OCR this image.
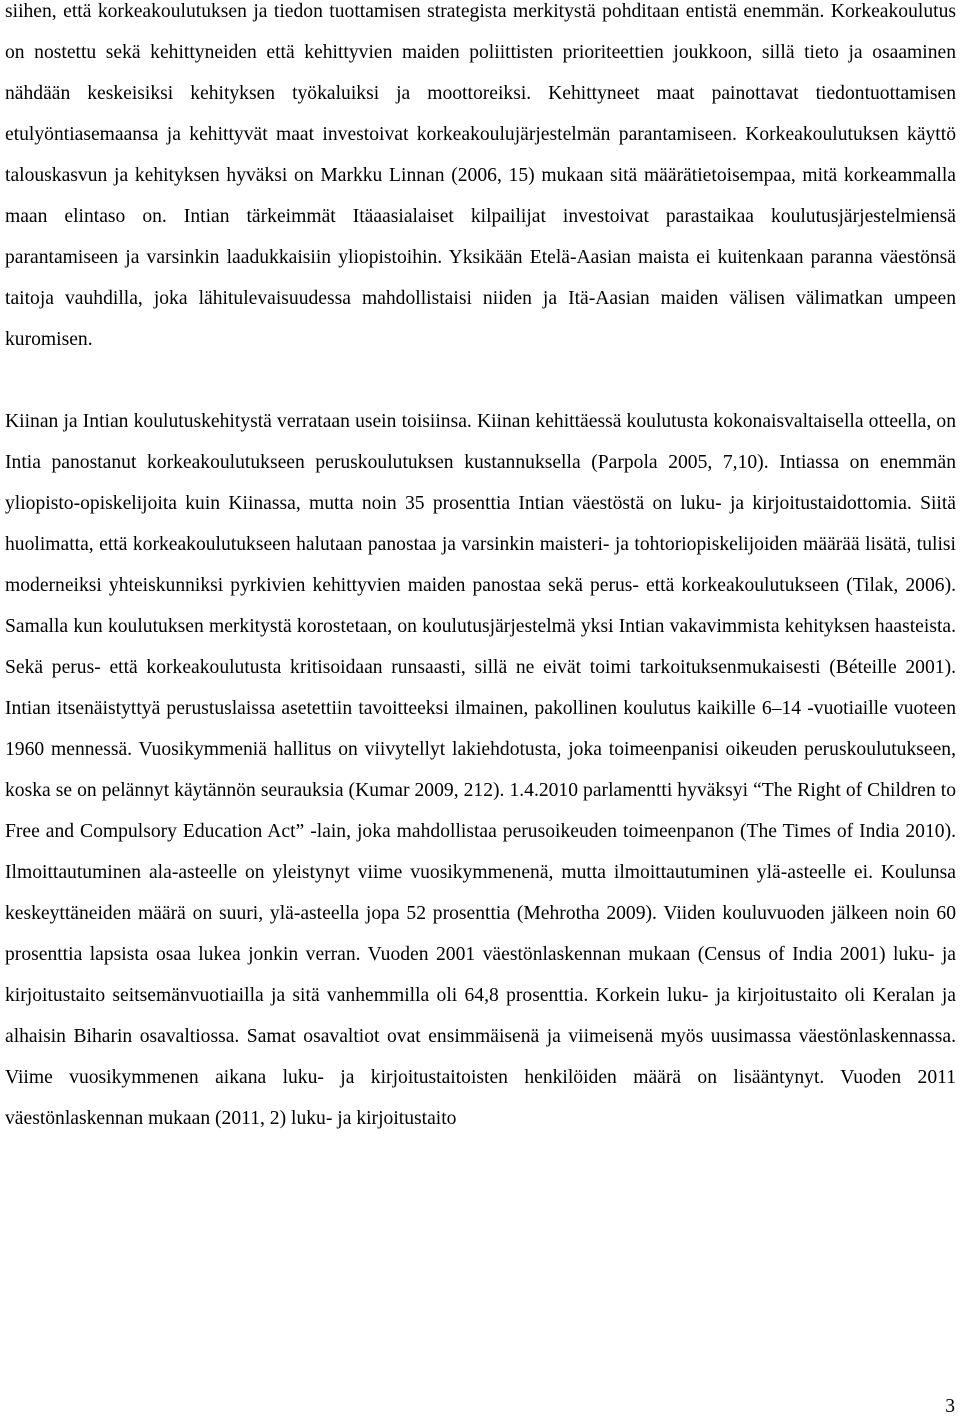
siihen, että korkeakoulutuksen ja tiedon tuottamisen strategista merkitystä pohditaan entistä enemmän. Korkeakoulutus on nostettu sekä kehittyneiden että kehittyvien maiden poliittisten prioriteettien joukkoon, sillä tieto ja osaaminen nähdään keskeisiksi kehityksen työkaluiksi ja moottoreiksi. Kehittyneet maat painottavat tiedontuottamisen etulyöntiasemaansa ja kehittyvät maat investoivat korkeakoulujärjestelmän parantamiseen. Korkeakoulutuksen käyttö talouskasvun ja kehityksen hyväksi on Markku Linnan (2006, 15) mukaan sitä määrätietoisempaa, mitä korkeammalla maan elintaso on. Intian tärkeimmät Itäaasialaiset kilpailijat investoivat parastaikaa koulutusjärjestelmiensä parantamiseen ja varsinkin laadukkaisiin yliopistoihin. Yksikään Etelä-Aasian maista ei kuitenkaan paranna väestönsä taitoja vauhdilla, joka lähitulevaisuudessa mahdollistaisi niiden ja Itä-Aasian maiden välisen välimatkan umpeen kuromisen.

Kiinan ja Intian koulutuskehitystä verrataan usein toisiinsa. Kiinan kehittäessä koulutusta kokonaisvaltaisella otteella, on Intia panostanut korkeakoulutukseen peruskoulutuksen kustannuksella (Parpola 2005, 7,10). Intiassa on enemmän yliopisto-opiskelijoita kuin Kiinassa, mutta noin 35 prosenttia Intian väestöstä on luku- ja kirjoitustaidottomia. Siitä huolimatta, että korkeakoulutukseen halutaan panostaa ja varsinkin maisteri- ja tohtoriopiskelijoiden määrää lisätä, tulisi moderneiksi yhteiskunniksi pyrkivien kehittyvien maiden panostaa sekä perus- että korkeakoulutukseen (Tilak, 2006). Samalla kun koulutuksen merkitystä korostetaan, on koulutusjärjestelmä yksi Intian vakavimmista kehityksen haasteista. Sekä perus- että korkeakoulutusta kritisoidaan runsaasti, sillä ne eivät toimi tarkoituksenmukaisesti (Béteille 2001). Intian itsenäistyttyä perustuslaissa asetettiin tavoitteeksi ilmainen, pakollinen koulutus kaikille 6–14 -vuotiaille vuoteen 1960 mennessä. Vuosikymmeniä hallitus on viivytellyt lakiehdotusta, joka toimeenpanisi oikeuden peruskoulutukseen, koska se on pelännyt käytännön seurauksia (Kumar 2009, 212). 1.4.2010 parlamentti hyväksyi “The Right of Children to Free and Compulsory Education Act” -lain, joka mahdollistaa perusoikeuden toimeenpanon (The Times of India 2010). Ilmoittautuminen ala-asteelle on yleistynyt viime vuosikymmenenä, mutta ilmoittautuminen ylä-asteelle ei. Koulunsa keskeyttäneiden määrä on suuri, ylä-asteella jopa 52 prosenttia (Mehrotha 2009). Viiden kouluvuoden jälkeen noin 60 prosenttia lapsista osaa lukea jonkin verran. Vuoden 2001 väestönlaskennan mukaan (Census of India 2001) luku- ja kirjoitustaito seitsemänvuotiailla ja sitä vanhemmilla oli 64,8 prosenttia. Korkein luku- ja kirjoitustaito oli Keralan ja alhaisin Biharin osavaltiossa. Samat osavaltiot ovat ensimmäisenä ja viimeisenä myös uusimassa väestönlaskennassa. Viime vuosikymmenen aikana luku- ja kirjoitustaitoisten henkilöiden määrä on lisääntynyt. Vuoden 2011 väestönlaskennan mukaan (2011, 2) luku- ja kirjoitustaito

3
